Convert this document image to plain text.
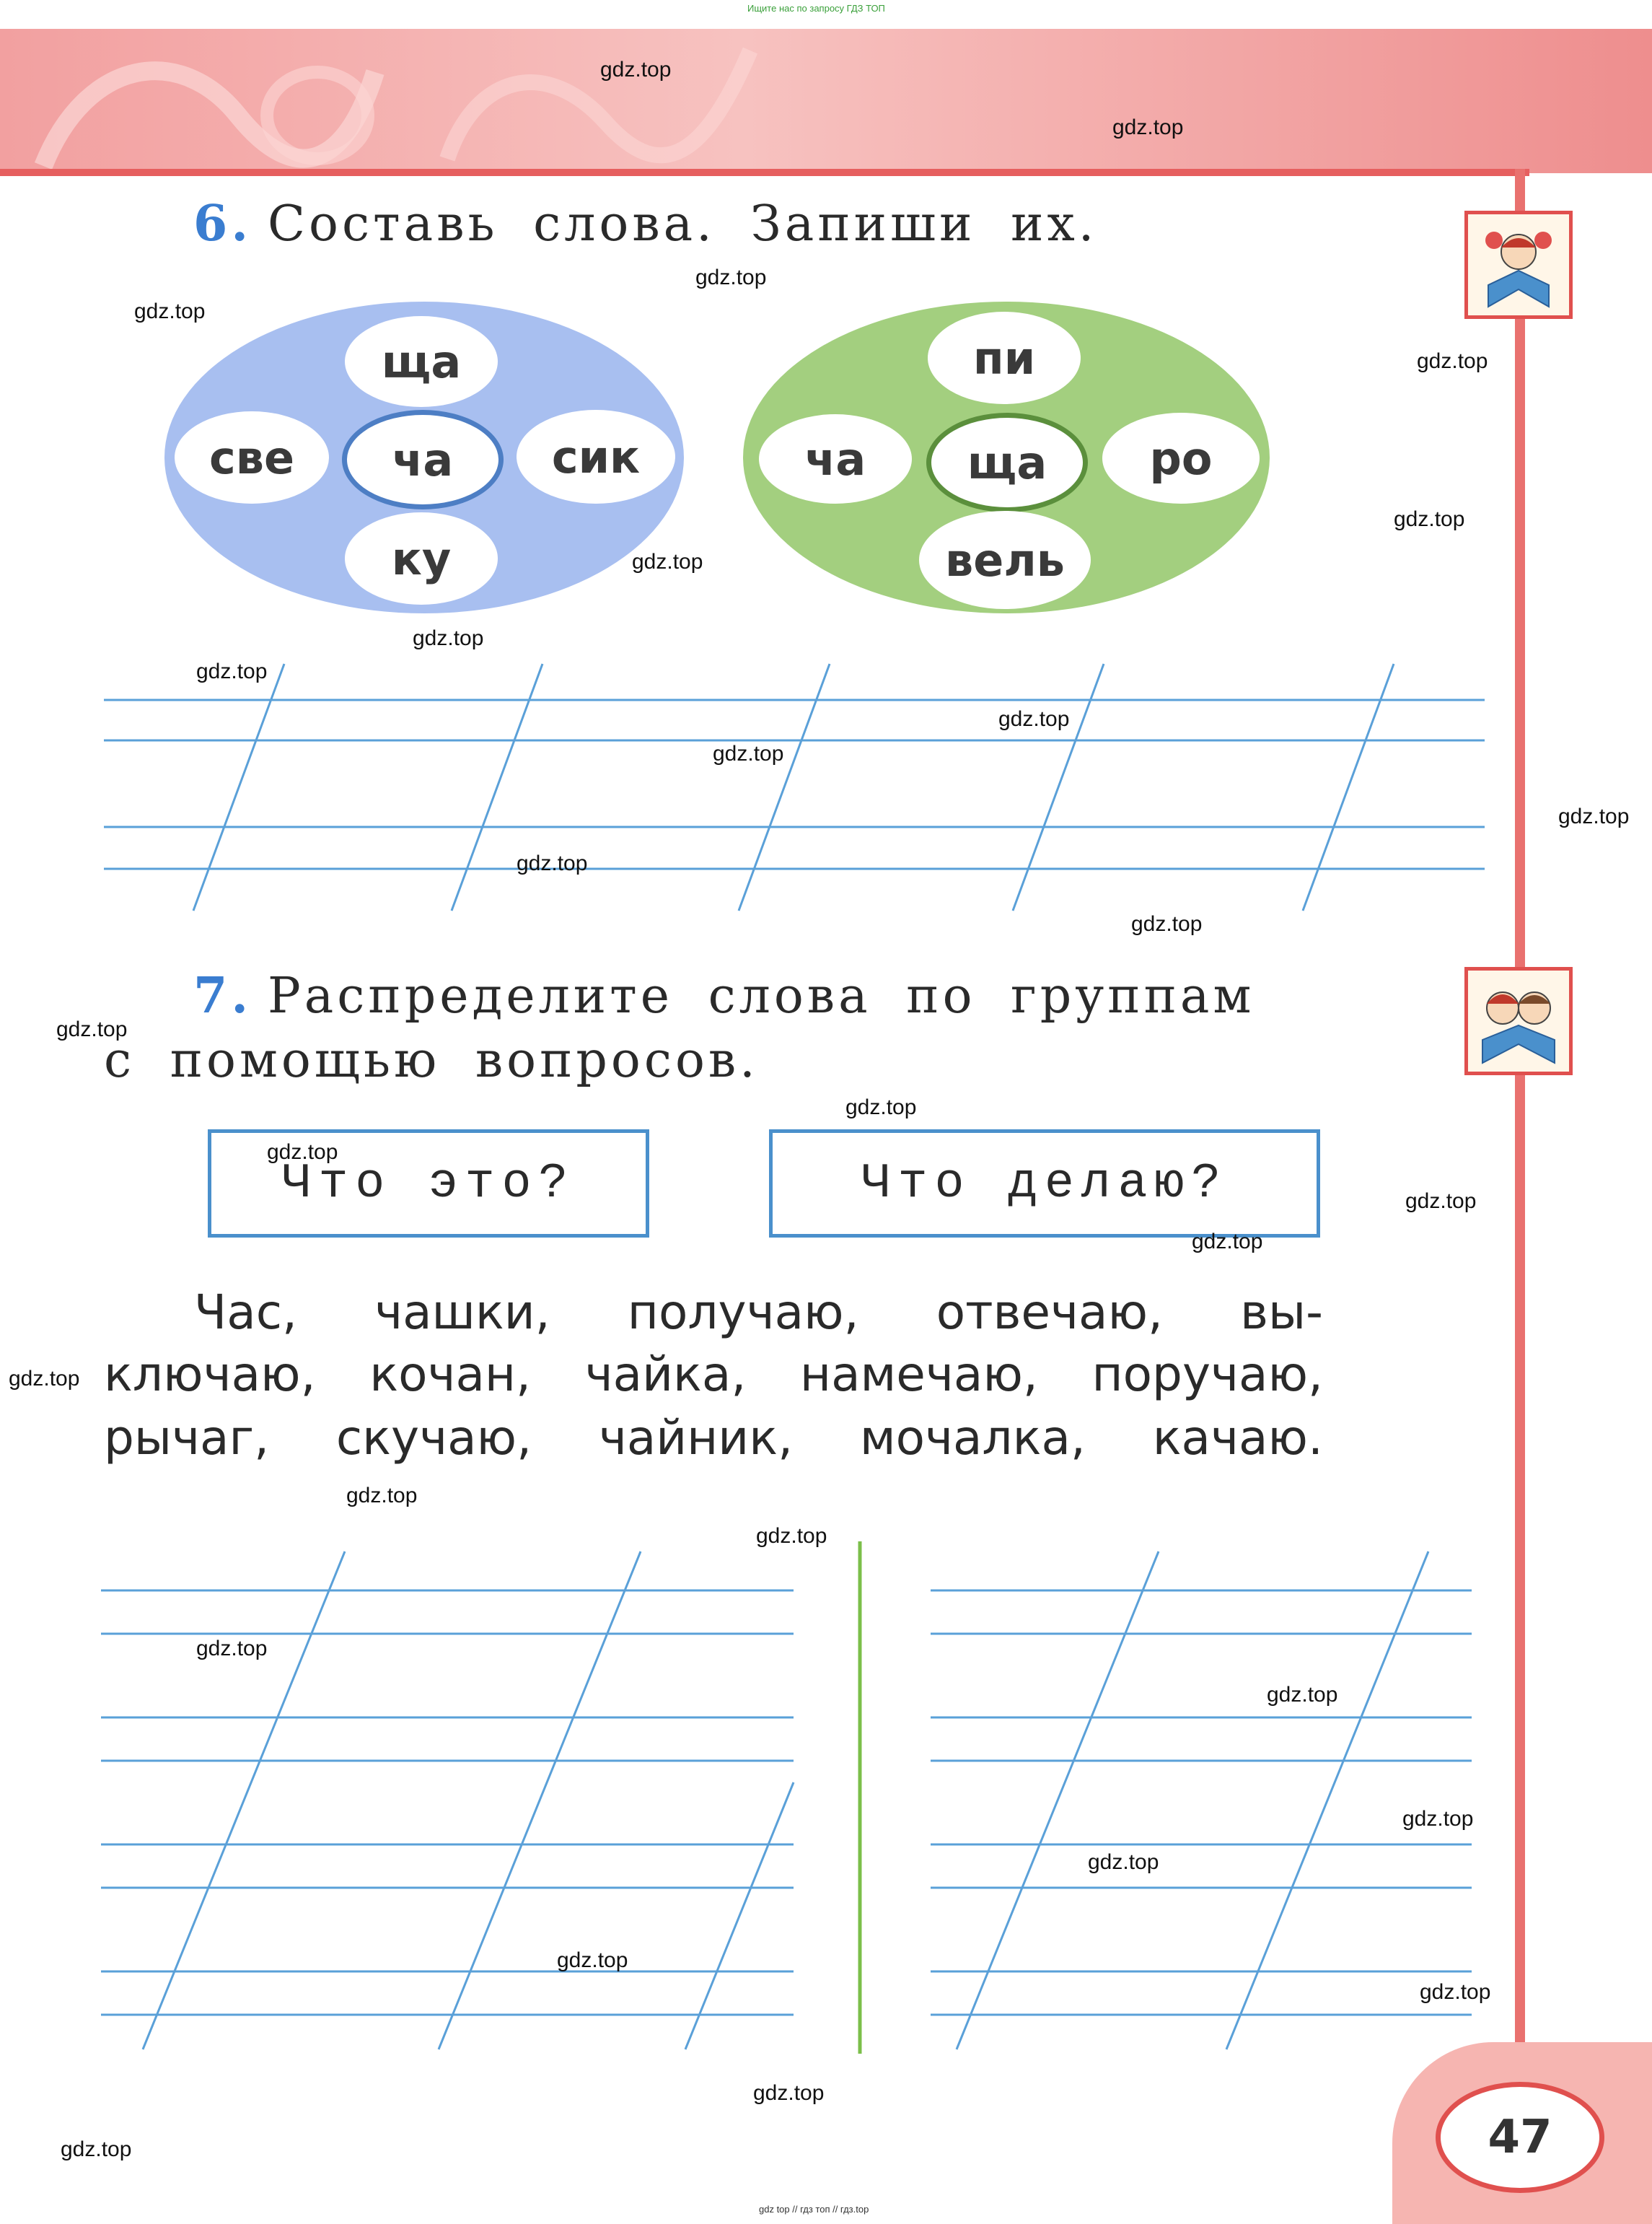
Ищите нас по запросу ГДЗ ТОП
6. Составь слова. Запиши их.
ща
све	ча	сик
ку
пи
ча	ща	ро
вель
7. Распределите слова по группам
с помощью вопросов.
Что это?	Что делаю?
Час, чашки, получаю, отвечаю, вы-
ключаю, кочан, чайка, намечаю, поручаю,
рычаг, скучаю, чайник, мочалка, качаю.
47
gdz.top
gdz.top
gdz.top
gdz.top
gdz.top
gdz.top
gdz.top
gdz.top
gdz.top
gdz.top
gdz.top
gdz.top
gdz.top
gdz.top
gdz.top
gdz.top
gdz.top
gdz.top
gdz.top
gdz.top
gdz.top
gdz.top
gdz.top
gdz.top
gdz.top
gdz.top
gdz.top
gdz.top
gdz.top
gdz.top
gdz top // гдз топ // гдз.top
